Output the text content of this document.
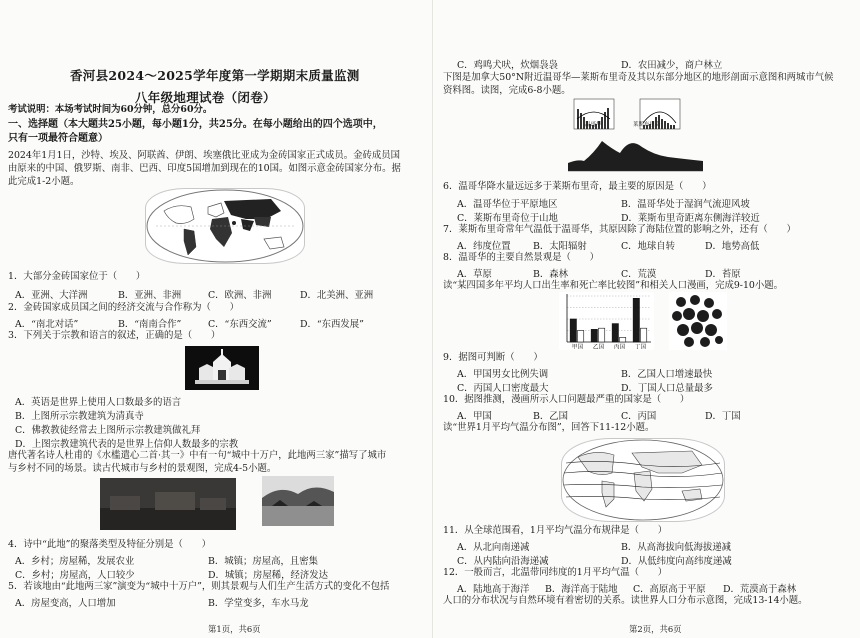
香河县2024～2025学年度第一学期期末质量监测
八年级地理试卷（闭卷）
考试说明：本场考试时间为60分钟，总分60分。
一、选择题（本大题共25小题，每小题1分，共25分。在每小题给出的四个选项中，
只有一项最符合题意）
2024年1月1日，沙特、埃及、阿联酋、伊朗、埃塞俄比亚成为金砖国家正式成员。金砖成员国
由原来的中国、俄罗斯、南非、巴西、印度5国增加到现在的10国。如图示意金砖国家分布。据
此完成1-2小题。
1．大部分金砖国家位于（　　）
A．亚洲、大洋洲	B．亚洲、非洲	C．欧洲、非洲	D．北美洲、亚洲
2．金砖国家成员国之间的经济交流与合作称为（　　）
A．“南北对话”	B．“南南合作”	C．“东西交流”	D．“东西发展”
3．下列关于宗教和语言的叙述，正确的是（　　）
A．英语是世界上使用人口数最多的语言
B．上图所示宗教建筑为清真寺
C．佛教教徒经常去上图所示宗教建筑做礼拜
D．上图宗教建筑代表的是世界上信仰人数最多的宗教
唐代著名诗人杜甫的《水槛遣心二首·其一》中有一句“城中十万户，此地两三家”描写了城市
与乡村不同的场景。读古代城市与乡村的景观图，完成4-5小题。
4．诗中“此地”的聚落类型及特征分别是（　　）
A．乡村；房屋稀，发展农业	B．城镇；房屋高，且密集
C．乡村；房屋高，人口较少	D．城镇；房屋稀，经济发达
5．若该地由“此地两三家”演变为“城中十万户”，则其景观与人们生产生活方式的变化不包括
A．房屋变高，人口增加	B．学堂变多，车水马龙
第1页，共6页
C．鸡鸣犬吠，炊烟袅袅	D．农田减少，商户林立
下图是加拿大50°N附近温哥华—莱斯布里奇及其以东部分地区的地形剖面示意图和两城市气候
资料图。读图，完成6-8小题。
温哥华	莱斯布里奇
6．温哥华降水量远远多于莱斯布里奇，最主要的原因是（　　）
A．温哥华位于平原地区	B．温哥华处于湿润气流迎风坡
C．莱斯布里奇位于山地	D．莱斯布里奇距离东侧海洋较近
7．莱斯布里奇常年气温低于温哥华，其原因除了海陆位置的影响之外，还有（　　）
A．纬度位置 B．太阳辐射	C．地球自转	D．地势高低
8．温哥华的主要自然景观是（　　）
A．草原	B．森林	C．荒漠	D．苔原
读“某四国多年平均人口出生率和死亡率比较图”和相关人口漫画，完成9-10小题。
甲国 乙国 丙国 丁国
9．据图可判断（　　）
A．甲国男女比例失调	B．乙国人口增速最快
C．丙国人口密度最大	D．丁国人口总量最多
10．据图推测，漫画所示人口问题最严重的国家是（　　）
A．甲国	B．乙国	C．丙国	D．丁国
读“世界1月平均气温分布图”，回答下11-12小题。
11．从全球范围看，1月平均气温分布规律是（　　）
A．从北向南递减	B．从高海拔向低海拔递减
C．从内陆向沿海递减	D．从低纬度向高纬度递减
12．一般而言，北温带同纬度的1月平均气温（　　）
A．陆地高于海洋 B．海洋高于陆地 C．高原高于平原 D．荒漠高于森林
人口的分布状况与自然环境有着密切的关系。读世界人口分布示意图，完成13-14小题。
第2页，共6页
